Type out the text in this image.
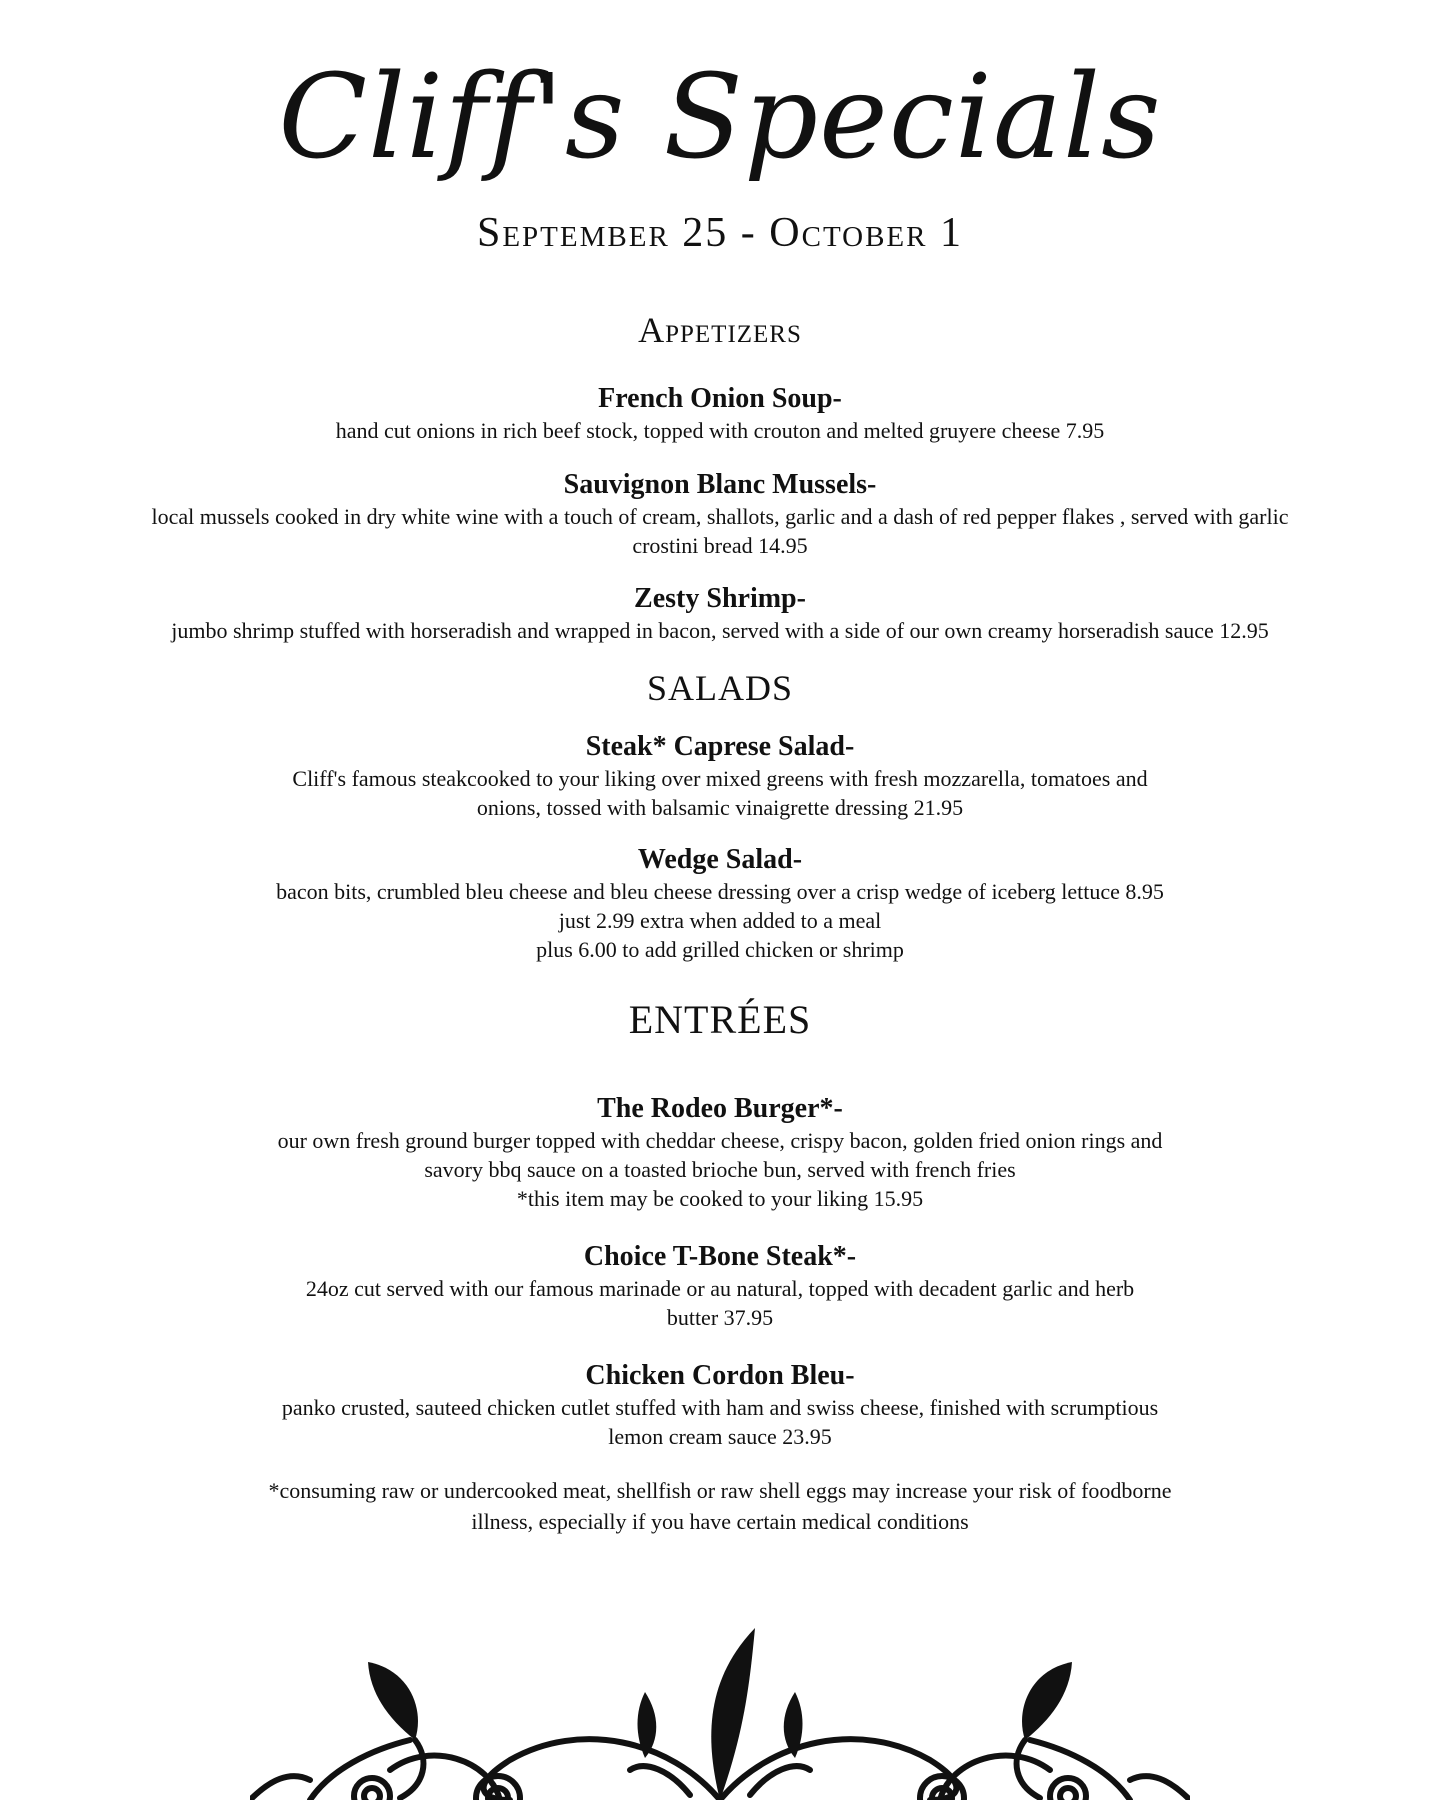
Cliff's Specials
September 25 - October 1
Appetizers
French Onion Soup-
hand cut onions in rich beef stock, topped with crouton and melted gruyere cheese 7.95
Sauvignon Blanc Mussels-
local mussels cooked in dry white wine with a touch of cream, shallots, garlic and a dash of red pepper flakes , served with garlic
crostini bread 14.95
Zesty Shrimp-
jumbo shrimp stuffed with horseradish and wrapped in bacon, served with a side of our own creamy horseradish sauce 12.95
SALADS
Steak* Caprese Salad-
Cliff's famous steakcooked to your liking over mixed greens with fresh mozzarella, tomatoes and
onions, tossed with balsamic vinaigrette dressing 21.95
Wedge Salad-
bacon bits, crumbled bleu cheese and bleu cheese dressing over a crisp wedge of iceberg lettuce 8.95
just 2.99 extra when added to a meal
plus 6.00 to add grilled chicken or shrimp
ENTRÉES
The Rodeo Burger*-
our own fresh ground burger topped with cheddar cheese, crispy bacon, golden fried onion rings and
savory bbq sauce on a toasted brioche bun, served with french fries
*this item may be cooked to your liking 15.95
Choice T-Bone Steak*-
24oz cut served with our famous marinade or au natural, topped with decadent garlic and herb
butter 37.95
Chicken Cordon Bleu-
panko crusted, sauteed chicken cutlet stuffed with ham and swiss cheese, finished with scrumptious
lemon cream sauce 23.95
*consuming raw or undercooked meat, shellfish or raw shell eggs may increase your risk of foodborne
illness, especially if you have certain medical conditions
